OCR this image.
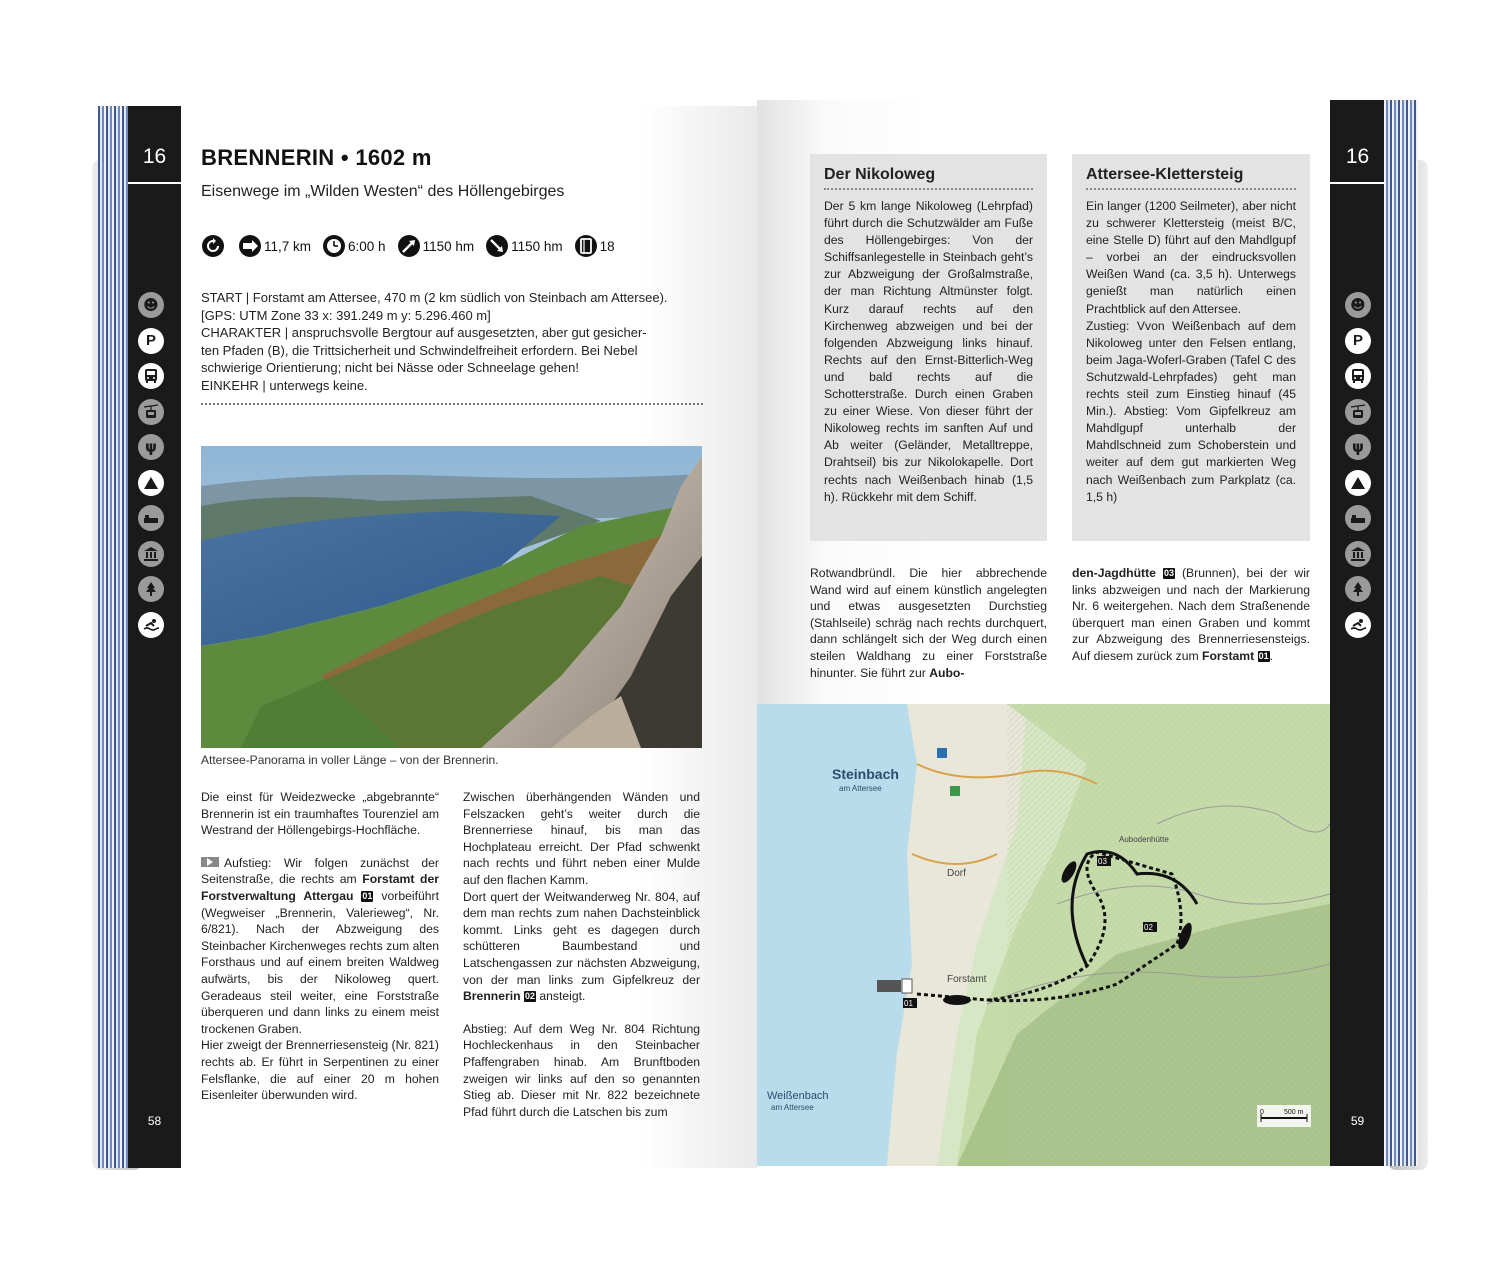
16
58
☻
P
ψ
16
59
☻
P
ψ
BRENNERIN • 1602 m
Eisenwege im „Wilden Westen“ des Höllengebirges
11,7 km	6:00 h	1150 hm	1150 hm	18
START | Forstamt am Attersee, 470 m (2 km südlich von Steinbach am Attersee).
[GPS: UTM Zone 33 x: 391.249 m y: 5.296.460 m]
CHARAKTER | anspruchsvolle Bergtour auf ausgesetzten, aber gut gesicher-
ten Pfaden (B), die Trittsicherheit und Schwindelfreiheit erfordern. Bei Nebel
schwierige Orientierung; nicht bei Nässe oder Schneelage gehen!
EINKEHR | unterwegs keine.
Attersee-Panorama in voller Länge – von der Brennerin.

Die einst für Weidezwecke „abgebrannte“ Brennerin ist ein traumhaftes Tourenziel am Westrand der Höllengebirgs-Hochfläche.

Aufstieg: Wir folgen zunächst der Seitenstraße, die rechts am Forstamt der Forstverwaltung Attergau 01 vorbeiführt (Wegweiser „Brennerin, Valerieweg“, Nr. 6/821). Nach der Abzweigung des Steinbacher Kirchenweges rechts zum alten Forsthaus und auf einem breiten Waldweg aufwärts, bis der Nikoloweg quert. Geradeaus steil weiter, eine Forststraße überqueren und dann links zu einem meist trockenen Graben.

Hier zweigt der Brennerriesensteig (Nr. 821) rechts ab. Er führt in Serpentinen zu einer Felsflanke, die auf einer 20 m hohen Eisenleiter überwunden wird.

Zwischen überhängenden Wänden und Felszacken geht’s weiter durch die Brennerriese hinauf, bis man das Hochplateau erreicht. Der Pfad schwenkt nach rechts und führt neben einer Mulde auf den flachen Kamm.

Dort quert der Weitwanderweg Nr. 804, auf dem man rechts zum nahen Dachsteinblick kommt. Links geht es dagegen durch schütteren Baumbestand und Latschengassen zur nächsten Abzweigung, von der man links zum Gipfelkreuz der Brennerin 02 ansteigt.

Abstieg: Auf dem Weg Nr. 804 Richtung Hochleckenhaus in den Steinbacher Pfaffengraben hinab. Am Brunftboden zweigen wir links auf den so genannten Stieg ab. Dieser mit Nr. 822 bezeichnete Pfad führt durch die Latschen bis zum

Der Nikoloweg

Der 5 km lange Nikoloweg (Lehrpfad) führt durch die Schutzwälder am Fuße des Höllengebirges: Von der Schiffsanlegestelle in Steinbach geht’s zur Abzweigung der Großalmstraße, der man Richtung Altmünster folgt. Kurz darauf rechts auf den Kirchenweg abzweigen und bei der folgenden Abzweigung links hinauf. Rechts auf den Ernst-Bitterlich-Weg und bald rechts auf die Schotterstraße. Durch einen Graben zu einer Wiese. Von dieser führt der Nikoloweg rechts im sanften Auf und Ab weiter (Geländer, Metalltreppe, Drahtseil) bis zur Nikolokapelle. Dort rechts nach Weißenbach hinab (1,5 h). Rückkehr mit dem Schiff.

Attersee-Klettersteig

Ein langer (1200 Seilmeter), aber nicht zu schwerer Klettersteig (meist B/C, eine Stelle D) führt auf den Mahdlgupf – vorbei an der eindrucksvollen Weißen Wand (ca. 3,5 h). Unterwegs genießt man natürlich einen Prachtblick auf den Attersee.

Zustieg: Vvon Weißenbach auf dem Nikoloweg unter den Felsen entlang, beim Jaga-Woferl-Graben (Tafel C des Schutzwald-Lehrpfades) geht man rechts steil zum Einstieg hinauf (45 Min.). Abstieg: Vom Gipfelkreuz am Mahdlgupf unterhalb der Mahdlschneid zum Schoberstein und weiter auf dem gut markierten Weg nach Weißenbach zum Parkplatz (ca. 1,5 h)

Rotwandbründl. Die hier abbrechende Wand wird auf einem künstlich angelegten und etwas ausgesetzten Durchstieg (Stahlseile) schräg nach rechts durchquert, dann schlängelt sich der Weg durch einen steilen Waldhang zu einer Forststraße hinunter. Sie führt zur Aubo-

den-Jagdhütte 03 (Brunnen), bei der wir links abzweigen und nach der Markierung Nr. 6 weitergehen. Nach dem Straßenende überquert man einen Graben und kommt zur Abzweigung des Brennerriesensteigs. Auf diesem zurück zum Forstamt 01.

Steinbach
am Attersee
Dorf
Forstamt
Weißenbach
am Attersee
Aubodenhütte
03
02
01
0	500 m
